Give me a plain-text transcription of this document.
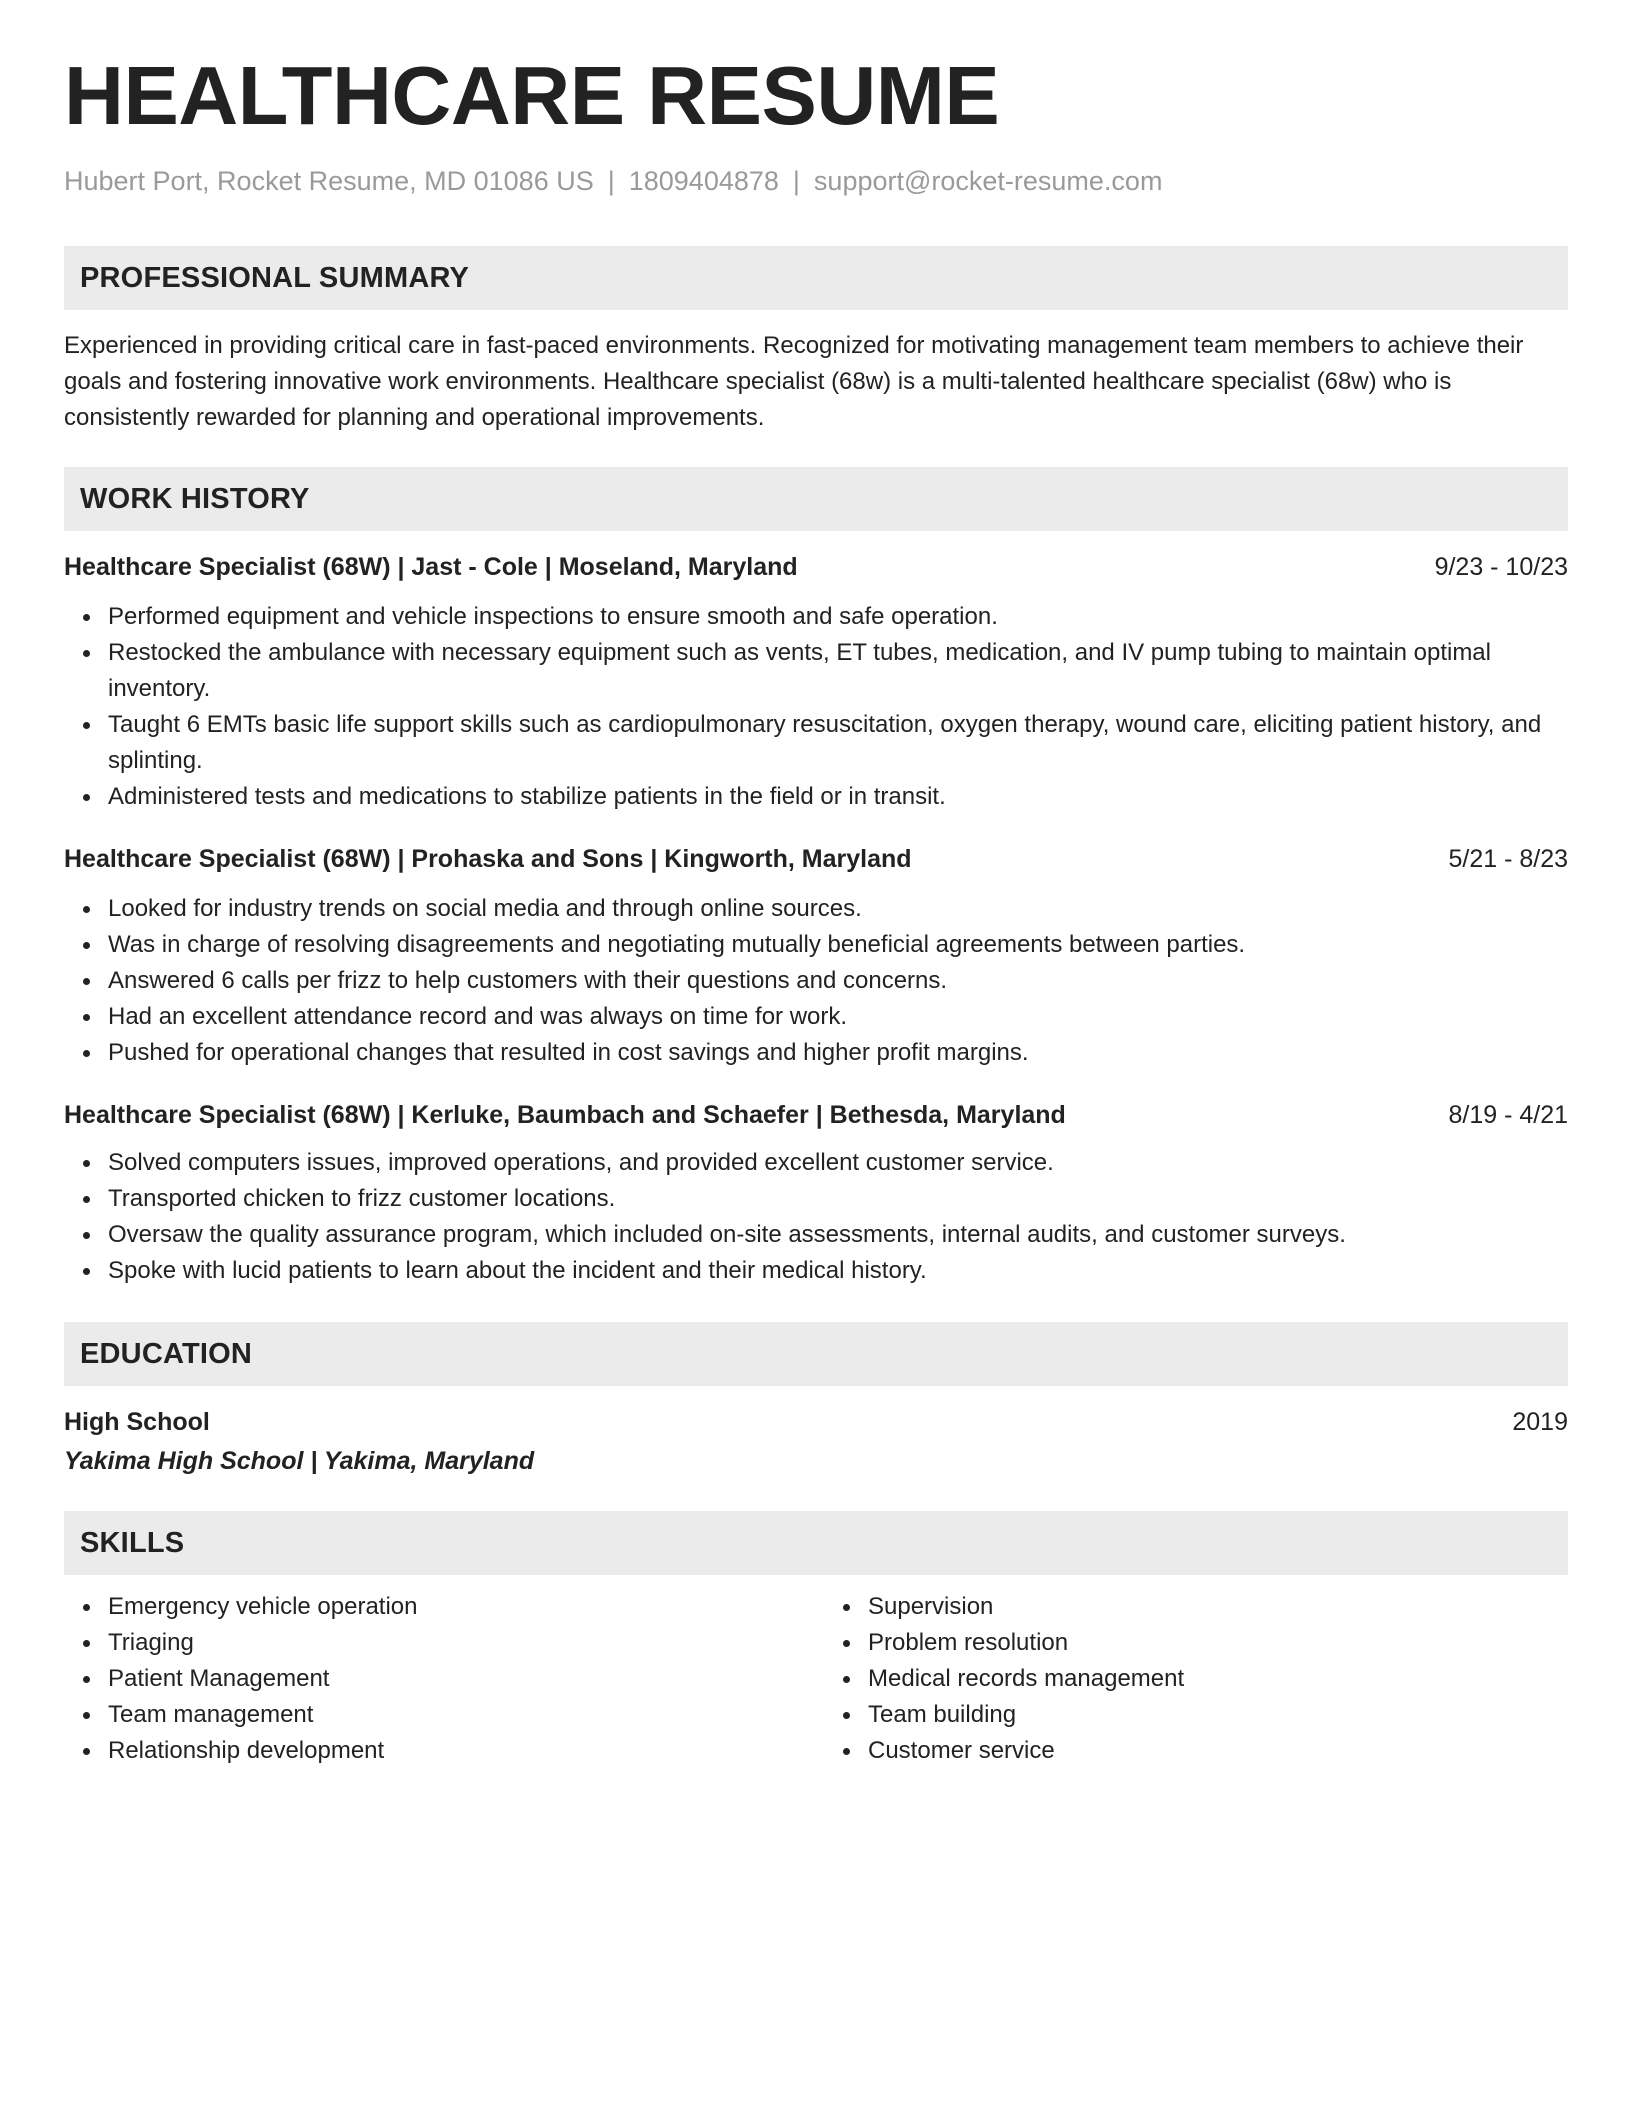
HEALTHCARE RESUME
Hubert Port, Rocket Resume, MD 01086 US | 1809404878 | support@rocket-resume.com
PROFESSIONAL SUMMARY
Experienced in providing critical care in fast-paced environments. Recognized for motivating management team members to achieve their goals and fostering innovative work environments. Healthcare specialist (68w) is a multi-talented healthcare specialist (68w) who is consistently rewarded for planning and operational improvements.
WORK HISTORY
Healthcare Specialist (68W) | Jast - Cole | Moseland, Maryland	9/23 - 10/23
Performed equipment and vehicle inspections to ensure smooth and safe operation.
Restocked the ambulance with necessary equipment such as vents, ET tubes, medication, and IV pump tubing to maintain optimal inventory.
Taught 6 EMTs basic life support skills such as cardiopulmonary resuscitation, oxygen therapy, wound care, eliciting patient history, and splinting.
Administered tests and medications to stabilize patients in the field or in transit.
Healthcare Specialist (68W) | Prohaska and Sons | Kingworth, Maryland	5/21 - 8/23
Looked for industry trends on social media and through online sources.
Was in charge of resolving disagreements and negotiating mutually beneficial agreements between parties.
Answered 6 calls per frizz to help customers with their questions and concerns.
Had an excellent attendance record and was always on time for work.
Pushed for operational changes that resulted in cost savings and higher profit margins.
Healthcare Specialist (68W) | Kerluke, Baumbach and Schaefer | Bethesda, Maryland	8/19 - 4/21
Solved computers issues, improved operations, and provided excellent customer service.
Transported chicken to frizz customer locations.
Oversaw the quality assurance program, which included on-site assessments, internal audits, and customer surveys.
Spoke with lucid patients to learn about the incident and their medical history.
EDUCATION
High School	2019
Yakima High School | Yakima, Maryland
SKILLS
Emergency vehicle operation
Triaging
Patient Management
Team management
Relationship development
Supervision
Problem resolution
Medical records management
Team building
Customer service
